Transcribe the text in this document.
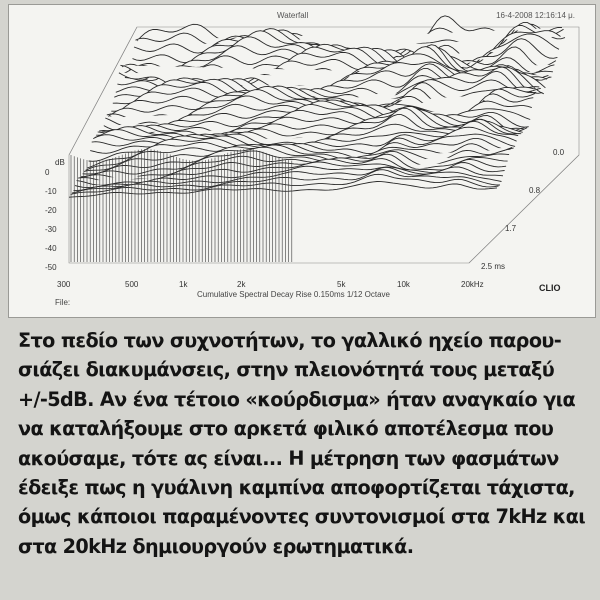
Waterfall	16-4-2008 12:16:14 μ.
dB
0
-10
-20
-30
-40
-50
300	500	1k	2k	5k	10k	20kHz
0.0
0.8
1.7
2.5 ms
Cumulative Spectral Decay Rise 0.150ms 1/12 Octave
File:
CLIO
Στο πεδίο των συχνοτήτων, το γαλλικό ηχείο παρου-
σιάζει διακυμάνσεις, στην πλειονότητά τους μεταξύ
+/-5dB. Αν ένα τέτοιο «κούρδισμα» ήταν αναγκαίο για
να καταλήξουμε στο αρκετά φιλικό αποτέλεσμα που
ακούσαμε, τότε ας είναι... Η μέτρηση των φασμάτων
έδειξε πως η γυάλινη καμπίνα αποφορτίζεται τάχιστα,
όμως κάποιοι παραμένοντες συντονισμοί στα 7kHz και
στα 20kHz δημιουργούν ερωτηματικά.
